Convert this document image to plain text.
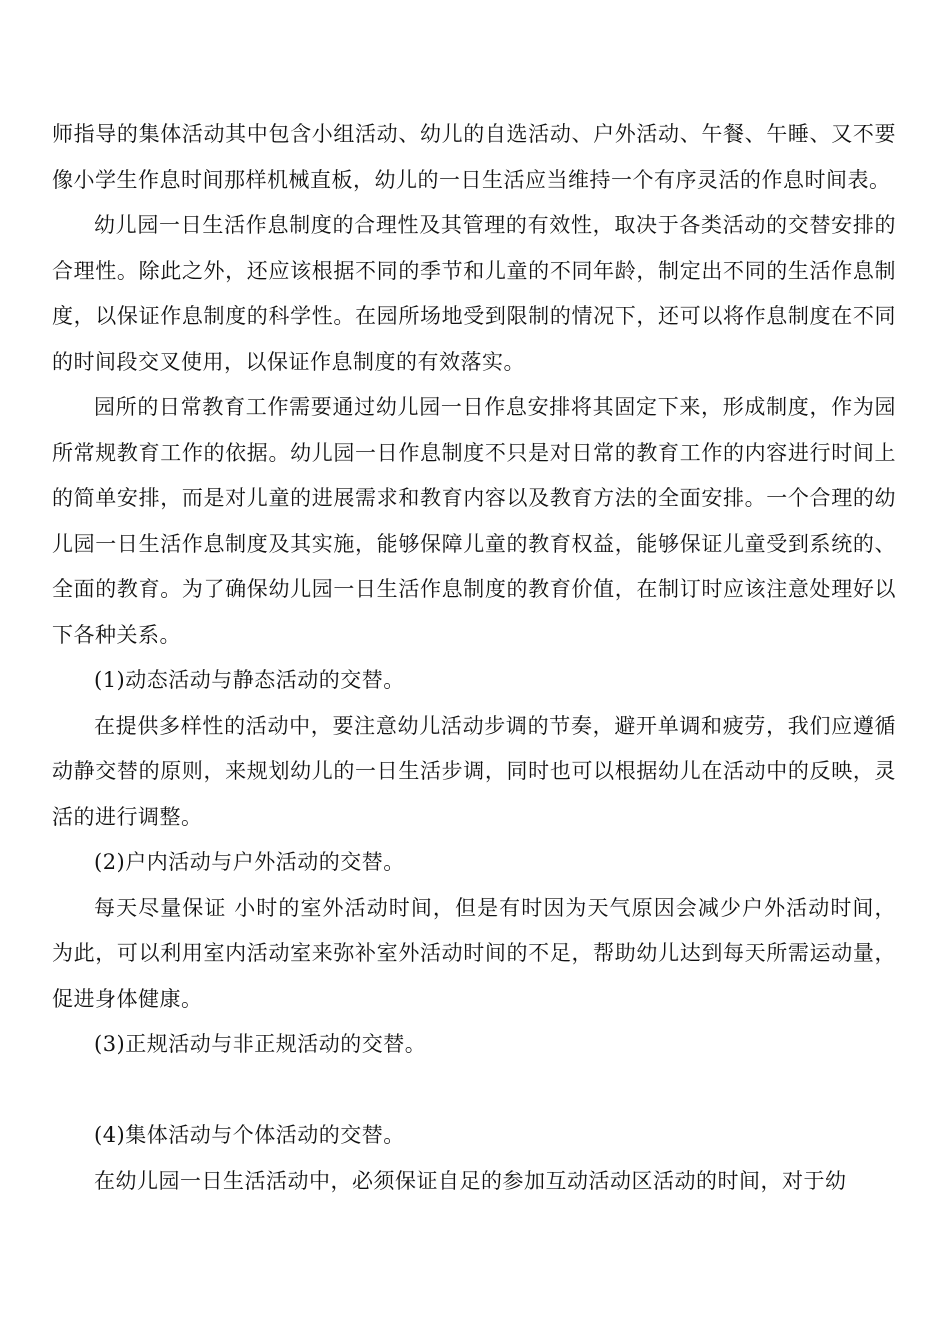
师指导的集体活动其中包含小组活动、幼儿的自选活动、户外活动、午餐、午睡、又不要像小学生作息时间那样机械直板，幼儿的一日生活应当维持一个有序灵活的作息时间表。

幼儿园一日生活作息制度的合理性及其管理的有效性，取决于各类活动的交替安排的合理性。除此之外，还应该根据不同的季节和儿童的不同年龄，制定出不同的生活作息制度，以保证作息制度的科学性。在园所场地受到限制的情况下，还可以将作息制度在不同的时间段交叉使用，以保证作息制度的有效落实。

园所的日常教育工作需要通过幼儿园一日作息安排将其固定下来，形成制度，作为园所常规教育工作的依据。幼儿园一日作息制度不只是对日常的教育工作的内容进行时间上的简单安排，而是对儿童的进展需求和教育内容以及教育方法的全面安排。一个合理的幼儿园一日生活作息制度及其实施，能够保障儿童的教育权益，能够保证儿童受到系统的、全面的教育。为了确保幼儿园一日生活作息制度的教育价值，在制订时应该注意处理好以下各种关系。

(1)动态活动与静态活动的交替。

在提供多样性的活动中，要注意幼儿活动步调的节奏，避开单调和疲劳，我们应遵循动静交替的原则，来规划幼儿的一日生活步调，同时也可以根据幼儿在活动中的反映，灵活的进行调整。

(2)户内活动与户外活动的交替。

每天尽量保证 小时的室外活动时间，但是有时因为天气原因会减少户外活动时间，为此，可以利用室内活动室来弥补室外活动时间的不足，帮助幼儿达到每天所需运动量，促进身体健康。

(3)正规活动与非正规活动的交替。

(4)集体活动与个体活动的交替。

在幼儿园一日生活活动中，必须保证自足的参加互动活动区活动的时间，对于幼
